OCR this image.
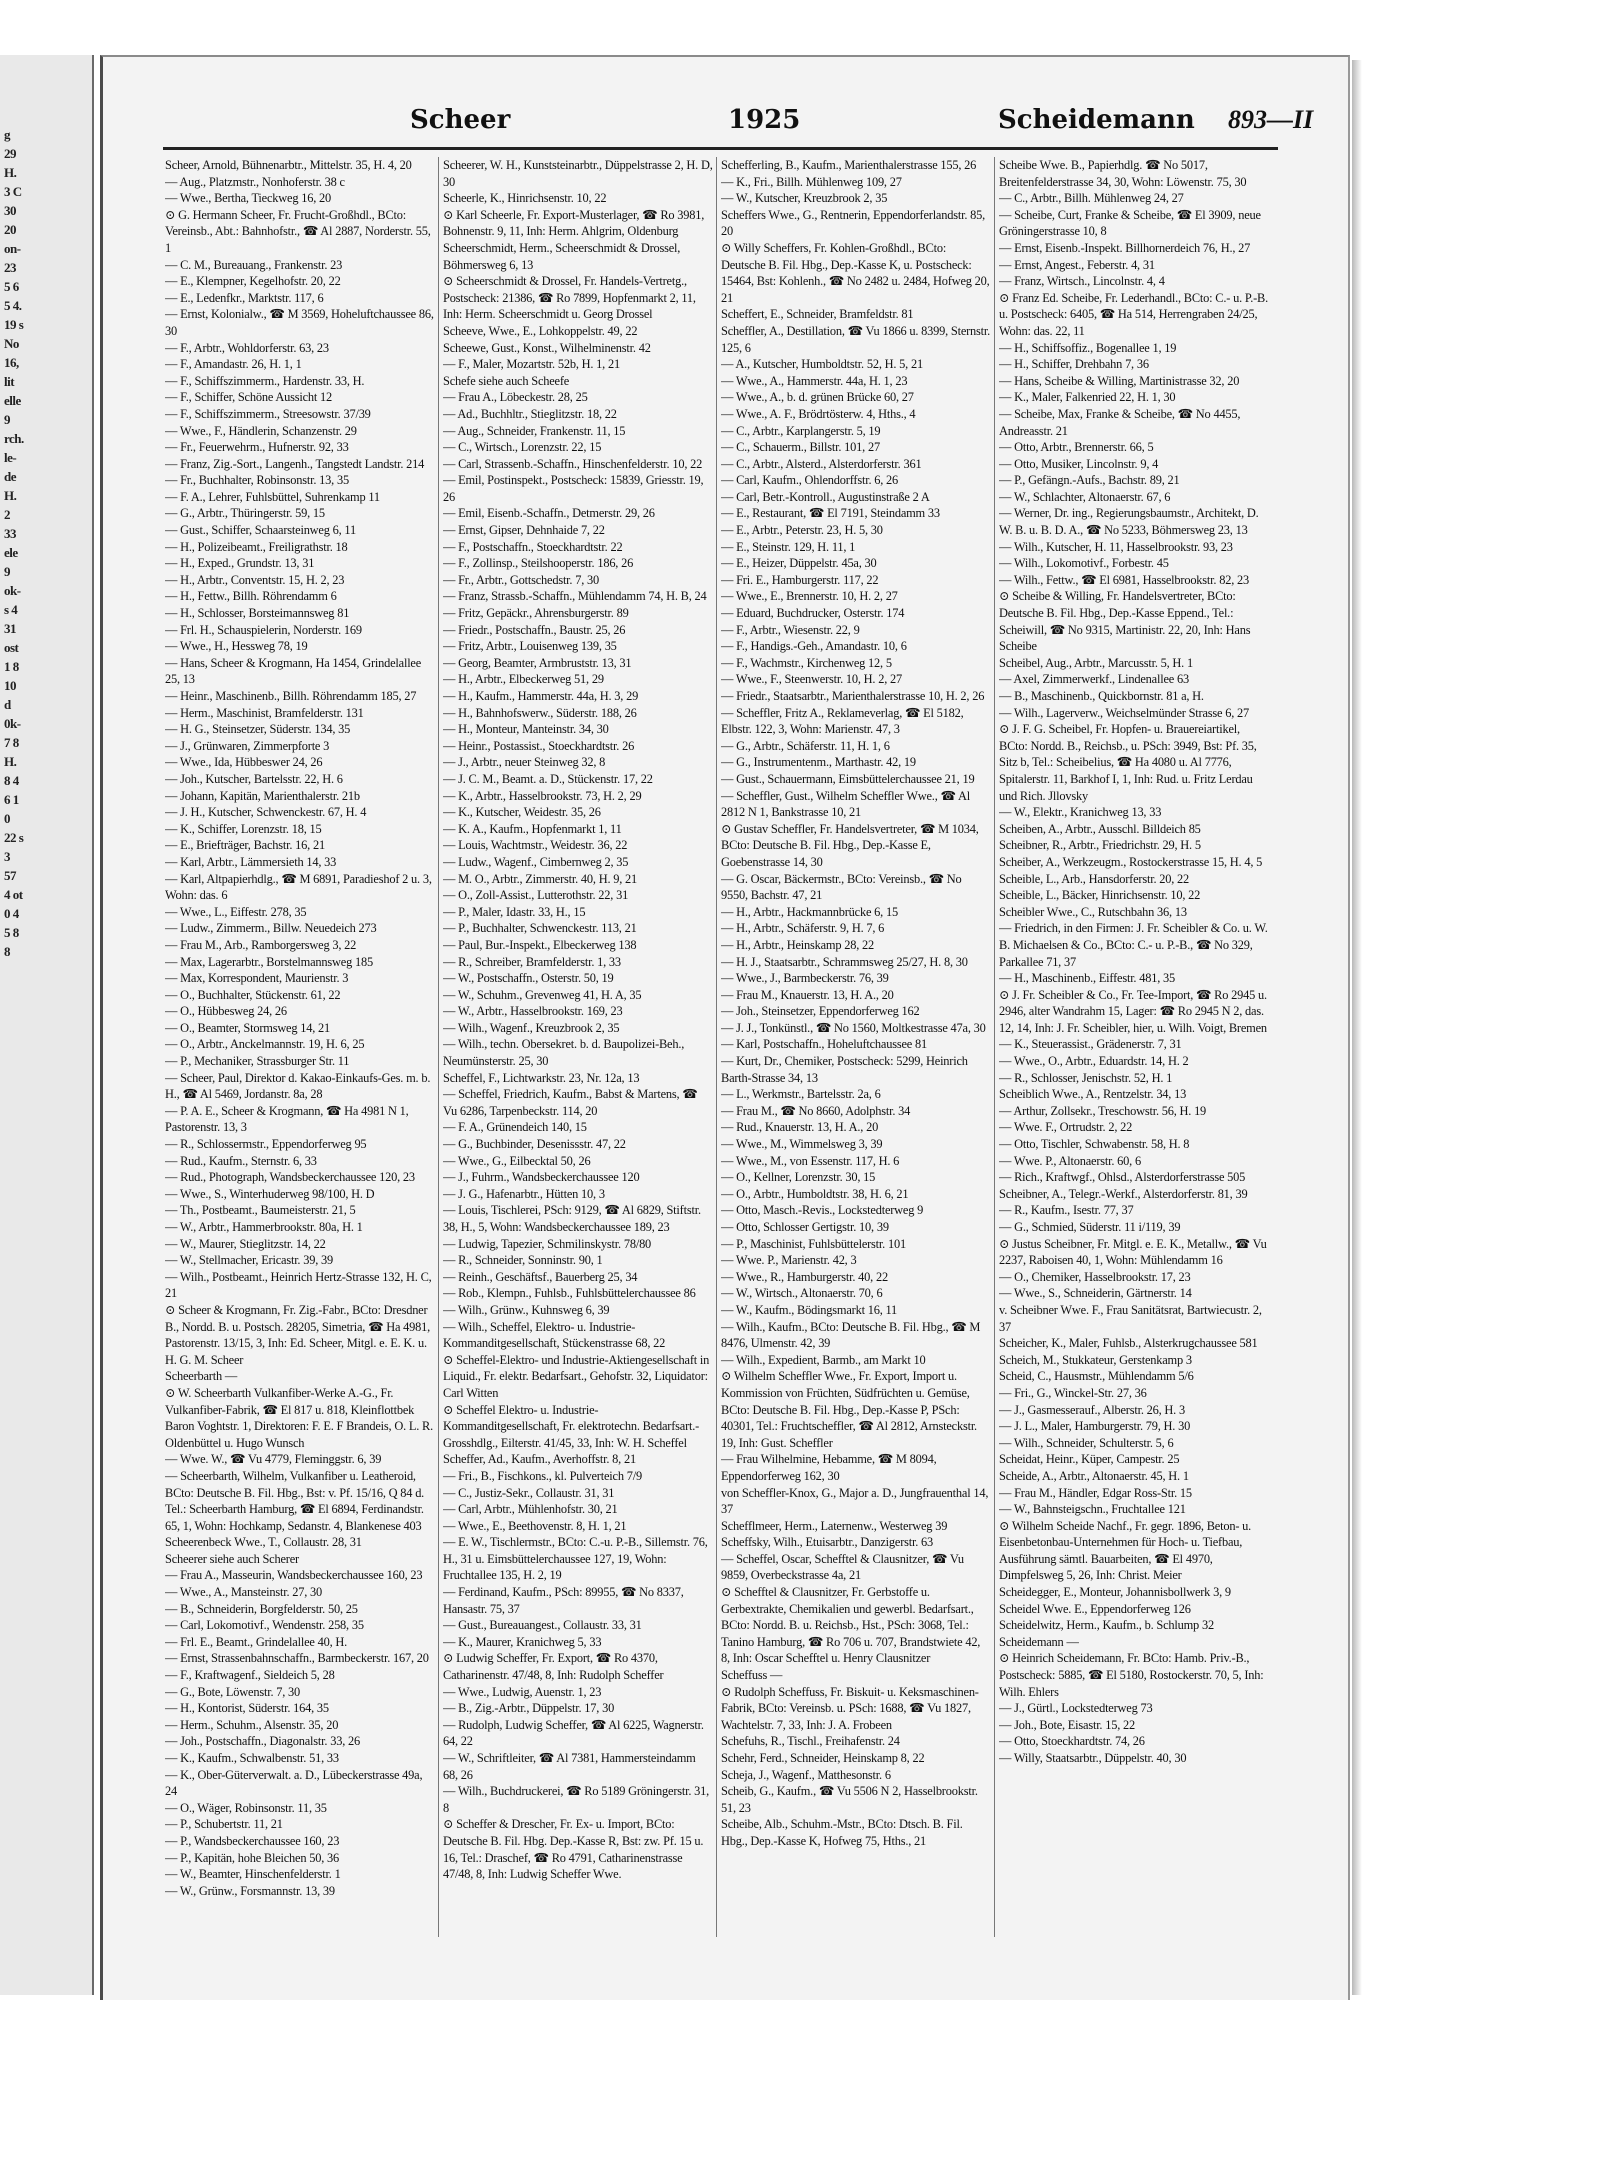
g 29 H. 3 C 30 20 on- 23 5 6 5 4. 19 s No 16, lit elle 9 rch. le- de H. 2 33 ele 9 ok- s 4 31 ost 1 8 10 d 0k- 7 8 H. 8 4 6 1 0 22 s 3 57 4 ot 0 4 5 8 8
Scheer	1925	Scheidemann 893—II

Scheer, Arnold, Bühnenarbtr., Mittelstr. 35, H. 4, 20

— Aug., Platzmstr., Nonhoferstr. 38 c

— Wwe., Bertha, Tieckweg 16, 20

⊙ G. Hermann Scheer, Fr. Frucht-Großhdl., BCto: Vereinsb., Abt.: Bahnhofstr., ☎ Al 2887, Norderstr. 55, 1

— C. M., Bureauang., Frankenstr. 23

— E., Klempner, Kegelhofstr. 20, 22

— E., Ledenfkr., Marktstr. 117, 6

— Ernst, Kolonialw., ☎ M 3569, Hoheluftchaussee 86, 30

— F., Arbtr., Wohldorferstr. 63, 23

— F., Amandastr. 26, H. 1, 1

— F., Schiffszimmerm., Hardenstr. 33, H.

— F., Schiffer, Schöne Aussicht 12

— F., Schiffszimmerm., Streesowstr. 37/39

— Wwe., F., Händlerin, Schanzenstr. 29

— Fr., Feuerwehrm., Hufnerstr. 92, 33

— Franz, Zig.-Sort., Langenh., Tangstedt Landstr. 214

— Fr., Buchhalter, Robinsonstr. 13, 35

— F. A., Lehrer, Fuhlsbüttel, Suhrenkamp 11

— G., Arbtr., Thüringerstr. 59, 15

— Gust., Schiffer, Schaarsteinweg 6, 11

— H., Polizeibeamt., Freiligrathstr. 18

— H., Exped., Grundstr. 13, 31

— H., Arbtr., Conventstr. 15, H. 2, 23

— H., Fettw., Billh. Röhrendamm 6

— H., Schlosser, Borsteimannsweg 81

— Frl. H., Schauspielerin, Norderstr. 169

— Wwe., H., Hessweg 78, 19

— Hans, Scheer & Krogmann, Ha 1454, Grindelallee 25, 13

— Heinr., Maschinenb., Billh. Röhrendamm 185, 27

— Herm., Maschinist, Bramfelderstr. 131

— H. G., Steinsetzer, Süderstr. 134, 35

— J., Grünwaren, Zimmerpforte 3

— Wwe., Ida, Hübbeswer 24, 26

— Joh., Kutscher, Bartelsstr. 22, H. 6

— Johann, Kapitän, Marienthalerstr. 21b

— J. H., Kutscher, Schwenckestr. 67, H. 4

— K., Schiffer, Lorenzstr. 18, 15

— E., Briefträger, Bachstr. 16, 21

— Karl, Arbtr., Lämmersieth 14, 33

— Karl, Altpapierhdlg., ☎ M 6891, Paradieshof 2 u. 3, Wohn: das. 6

— Wwe., L., Eiffestr. 278, 35

— Ludw., Zimmerm., Billw. Neuedeich 273

— Frau M., Arb., Ramborgersweg 3, 22

— Max, Lagerarbtr., Borstelmannsweg 185

— Max, Korrespondent, Maurienstr. 3

— O., Buchhalter, Stückenstr. 61, 22

— O., Hübbesweg 24, 26

— O., Beamter, Stormsweg 14, 21

— O., Arbtr., Anckelmannstr. 19, H. 6, 25

— P., Mechaniker, Strassburger Str. 11

— Scheer, Paul, Direktor d. Kakao-Einkaufs-Ges. m. b. H., ☎ Al 5469, Jordanstr. 8a, 28

— P. A. E., Scheer & Krogmann, ☎ Ha 4981 N 1, Pastorenstr. 13, 3

— R., Schlossermstr., Eppendorferweg 95

— Rud., Kaufm., Sternstr. 6, 33

— Rud., Photograph, Wandsbeckerchaussee 120, 23

— Wwe., S., Winterhuderweg 98/100, H. D

— Th., Postbeamt., Baumeisterstr. 21, 5

— W., Arbtr., Hammerbrookstr. 80a, H. 1

— W., Maurer, Stieglitzstr. 14, 22

— W., Stellmacher, Ericastr. 39, 39

— Wilh., Postbeamt., Heinrich Hertz-Strasse 132, H. C, 21

⊙ Scheer & Krogmann, Fr. Zig.-Fabr., BCto: Dresdner B., Nordd. B. u. Postsch. 28205, Simetria, ☎ Ha 4981, Pastorenstr. 13/15, 3, Inh: Ed. Scheer, Mitgl. e. E. K. u. H. G. M. Scheer

Scheerbarth —

⊙ W. Scheerbarth Vulkanfiber-Werke A.-G., Fr. Vulkanfiber-Fabrik, ☎ El 817 u. 818, Kleinflottbek Baron Voghtstr. 1, Direktoren: F. E. F Brandeis, O. L. R. Oldenbüttel u. Hugo Wunsch

— Wwe. W., ☎ Vu 4779, Fleminggstr. 6, 39

— Scheerbarth, Wilhelm, Vulkanfiber u. Leatheroid, BCto: Deutsche B. Fil. Hbg., Bst: v. Pf. 15/16, Q 84 d. Tel.: Scheerbarth Hamburg, ☎ El 6894, Ferdinandstr. 65, 1, Wohn: Hochkamp, Sedanstr. 4, Blankenese 403

Scheerenbeck Wwe., T., Collaustr. 28, 31

Scheerer siehe auch Scherer

— Frau A., Masseurin, Wandsbeckerchaussee 160, 23

— Wwe., A., Mansteinstr. 27, 30

— B., Schneiderin, Borgfelderstr. 50, 25

— Carl, Lokomotivf., Wendenstr. 258, 35

— Frl. E., Beamt., Grindelallee 40, H.

— Ernst, Strassenbahnschaffn., Barmbeckerstr. 167, 20

— F., Kraftwagenf., Sieldeich 5, 28

— G., Bote, Löwenstr. 7, 30

— H., Kontorist, Süderstr. 164, 35

— Herm., Schuhm., Alsenstr. 35, 20

— Joh., Postschaffn., Diagonalstr. 33, 26

— K., Kaufm., Schwalbenstr. 51, 33

— K., Ober-Güterverwalt. a. D., Lübeckerstrasse 49a, 24

— O., Wäger, Robinsonstr. 11, 35

— P., Schubertstr. 11, 21

— P., Wandsbeckerchaussee 160, 23

— P., Kapitän, hohe Bleichen 50, 36

— W., Beamter, Hinschenfelderstr. 1

— W., Grünw., Forsmannstr. 13, 39

Scheerer, W. H., Kunststeinarbtr., Düppelstrasse 2, H. D, 30

Scheerle, K., Hinrichsenstr. 10, 22

⊙ Karl Scheerle, Fr. Export-Musterlager, ☎ Ro 3981, Bohnenstr. 9, 11, Inh: Herm. Ahlgrim, Oldenburg

Scheerschmidt, Herm., Scheerschmidt & Drossel, Böhmersweg 6, 13

⊙ Scheerschmidt & Drossel, Fr. Handels-Vertretg., Postscheck: 21386, ☎ Ro 7899, Hopfenmarkt 2, 11, Inh: Herm. Scheerschmidt u. Georg Drossel

Scheeve, Wwe., E., Lohkoppelstr. 49, 22

Scheewe, Gust., Konst., Wilhelminenstr. 42

— F., Maler, Mozartstr. 52b, H. 1, 21

Schefe siehe auch Scheefe

— Frau A., Löbeckestr. 28, 25

— Ad., Buchhltr., Stieglitzstr. 18, 22

— Aug., Schneider, Frankenstr. 11, 15

— C., Wirtsch., Lorenzstr. 22, 15

— Carl, Strassenb.-Schaffn., Hinschenfelderstr. 10, 22

— Emil, Postinspekt., Postscheck: 15839, Griesstr. 19, 26

— Emil, Eisenb.-Schaffn., Detmerstr. 29, 26

— Ernst, Gipser, Dehnhaide 7, 22

— F., Postschaffn., Stoeckhardtstr. 22

— F., Zollinsp., Steilshooperstr. 186, 26

— Fr., Arbtr., Gottschedstr. 7, 30

— Franz, Strassb.-Schaffn., Mühlendamm 74, H. B, 24

— Fritz, Gepäckr., Ahrensburgerstr. 89

— Friedr., Postschaffn., Baustr. 25, 26

— Fritz, Arbtr., Louisenweg 139, 35

— Georg, Beamter, Armbruststr. 13, 31

— H., Arbtr., Elbeckerweg 51, 29

— H., Kaufm., Hammerstr. 44a, H. 3, 29

— H., Bahnhofswerw., Süderstr. 188, 26

— H., Monteur, Manteinstr. 34, 30

— Heinr., Postassist., Stoeckhardtstr. 26

— J., Arbtr., neuer Steinweg 32, 8

— J. C. M., Beamt. a. D., Stückenstr. 17, 22

— K., Arbtr., Hasselbrookstr. 73, H. 2, 29

— K., Kutscher, Weidestr. 35, 26

— K. A., Kaufm., Hopfenmarkt 1, 11

— Louis, Wachtmstr., Weidestr. 36, 22

— Ludw., Wagenf., Cimbernweg 2, 35

— M. O., Arbtr., Zimmerstr. 40, H. 9, 21

— O., Zoll-Assist., Lutterothstr. 22, 31

— P., Maler, Idastr. 33, H., 15

— P., Buchhalter, Schwenckestr. 113, 21

— Paul, Bur.-Inspekt., Elbeckerweg 138

— R., Schreiber, Bramfelderstr. 1, 33

— W., Postschaffn., Osterstr. 50, 19

— W., Schuhm., Grevenweg 41, H. A, 35

— W., Arbtr., Hasselbrookstr. 169, 23

— Wilh., Wagenf., Kreuzbrook 2, 35

— Wilh., techn. Obersekret. b. d. Baupolizei-Beh., Neumünsterstr. 25, 30

Scheffel, F., Lichtwarkstr. 23, Nr. 12a, 13

— Scheffel, Friedrich, Kaufm., Babst & Martens, ☎ Vu 6286, Tarpenbeckstr. 114, 20

— F. A., Grünendeich 140, 15

— G., Buchbinder, Desenissstr. 47, 22

— Wwe., G., Eilbecktal 50, 26

— J., Fuhrm., Wandsbeckerchaussee 120

— J. G., Hafenarbtr., Hütten 10, 3

— Louis, Tischlerei, PSch: 9129, ☎ Al 6829, Stiftstr. 38, H., 5, Wohn: Wandsbeckerchaussee 189, 23

— Ludwig, Tapezier, Schmilinskystr. 78/80

— R., Schneider, Sonninstr. 90, 1

— Reinh., Geschäftsf., Bauerberg 25, 34

— Rob., Klempn., Fuhlsb., Fuhlsbüttelerchaussee 86

— Wilh., Grünw., Kuhnsweg 6, 39

— Wilh., Scheffel, Elektro- u. Industrie-Kommanditgesellschaft, Stückenstrasse 68, 22

⊙ Scheffel-Elektro- und Industrie-Aktiengesellschaft in Liquid., Fr. elektr. Bedarfsart., Gehofstr. 32, Liquidator: Carl Witten

⊙ Scheffel Elektro- u. Industrie-Kommanditgesellschaft, Fr. elektrotechn. Bedarfsart.-Grosshdlg., Eilterstr. 41/45, 33, Inh: W. H. Scheffel

Scheffer, Ad., Kaufm., Averhoffstr. 8, 21

— Fri., B., Fischkons., kl. Pulverteich 7/9

— C., Justiz-Sekr., Collaustr. 31, 31

— Carl, Arbtr., Mühlenhofstr. 30, 21

— Wwe., E., Beethovenstr. 8, H. 1, 21

— E. W., Tischlermstr., BCto: C.-u. P.-B., Sillemstr. 76, H., 31 u. Eimsbüttelerchaussee 127, 19, Wohn: Fruchtallee 135, H. 2, 19

— Ferdinand, Kaufm., PSch: 89955, ☎ No 8337, Hansastr. 75, 37

— Gust., Bureauangest., Collaustr. 33, 31

— K., Maurer, Kranichweg 5, 33

⊙ Ludwig Scheffer, Fr. Export, ☎ Ro 4370, Catharinenstr. 47/48, 8, Inh: Rudolph Scheffer

— Wwe., Ludwig, Auenstr. 1, 23

— B., Zig.-Arbtr., Düppelstr. 17, 30

— Rudolph, Ludwig Scheffer, ☎ Al 6225, Wagnerstr. 64, 22

— W., Schriftleiter, ☎ Al 7381, Hammersteindamm 68, 26

— Wilh., Buchdruckerei, ☎ Ro 5189 Gröningerstr. 31, 8

⊙ Scheffer & Drescher, Fr. Ex- u. Import, BCto: Deutsche B. Fil. Hbg. Dep.-Kasse R, Bst: zw. Pf. 15 u. 16, Tel.: Draschef, ☎ Ro 4791, Catharinenstrasse 47/48, 8, Inh: Ludwig Scheffer Wwe.

Schefferling, B., Kaufm., Marienthalerstrasse 155, 26

— K., Fri., Billh. Mühlenweg 109, 27

— W., Kutscher, Kreuzbrook 2, 35

Scheffers Wwe., G., Rentnerin, Eppendorferlandstr. 85, 20

⊙ Willy Scheffers, Fr. Kohlen-Großhdl., BCto: Deutsche B. Fil. Hbg., Dep.-Kasse K, u. Postscheck: 15464, Bst: Kohlenh., ☎ No 2482 u. 2484, Hofweg 20, 21

Scheffert, E., Schneider, Bramfeldstr. 81

Scheffler, A., Destillation, ☎ Vu 1866 u. 8399, Sternstr. 125, 6

— A., Kutscher, Humboldtstr. 52, H. 5, 21

— Wwe., A., Hammerstr. 44a, H. 1, 23

— Wwe., A., b. d. grünen Brücke 60, 27

— Wwe., A. F., Brödrtösterw. 4, Hths., 4

— C., Arbtr., Karplangerstr. 5, 19

— C., Schauerm., Billstr. 101, 27

— C., Arbtr., Alsterd., Alsterdorferstr. 361

— Carl, Kaufm., Ohlendorffstr. 6, 26

— Carl, Betr.-Kontroll., Augustinstraße 2 A

— E., Restaurant, ☎ El 7191, Steindamm 33

— E., Arbtr., Peterstr. 23, H. 5, 30

— E., Steinstr. 129, H. 11, 1

— E., Heizer, Düppelstr. 45a, 30

— Fri. E., Hamburgerstr. 117, 22

— Wwe., E., Brennerstr. 10, H. 2, 27

— Eduard, Buchdrucker, Osterstr. 174

— F., Arbtr., Wiesenstr. 22, 9

— F., Handigs.-Geh., Amandastr. 10, 6

— F., Wachmstr., Kirchenweg 12, 5

— Wwe., F., Steenwerstr. 10, H. 2, 27

— Friedr., Staatsarbtr., Marienthalerstrasse 10, H. 2, 26

— Scheffler, Fritz A., Reklameverlag, ☎ El 5182, Elbstr. 122, 3, Wohn: Marienstr. 47, 3

— G., Arbtr., Schäferstr. 11, H. 1, 6

— G., Instrumentenm., Marthastr. 42, 19

— Gust., Schauermann, Eimsbüttelerchaussee 21, 19

— Scheffler, Gust., Wilhelm Scheffler Wwe., ☎ Al 2812 N 1, Bankstrasse 10, 21

⊙ Gustav Scheffler, Fr. Handelsvertreter, ☎ M 1034, BCto: Deutsche B. Fil. Hbg., Dep.-Kasse E, Goebenstrasse 14, 30

— G. Oscar, Bäckermstr., BCto: Vereinsb., ☎ No 9550, Bachstr. 47, 21

— H., Arbtr., Hackmannbrücke 6, 15

— H., Arbtr., Schäferstr. 9, H. 7, 6

— H., Arbtr., Heinskamp 28, 22

— H. J., Staatsarbtr., Schrammsweg 25/27, H. 8, 30

— Wwe., J., Barmbeckerstr. 76, 39

— Frau M., Knauerstr. 13, H. A., 20

— Joh., Steinsetzer, Eppendorferweg 162

— J. J., Tonkünstl., ☎ No 1560, Moltkestrasse 47a, 30

— Karl, Postschaffn., Hoheluftchaussee 81

— Kurt, Dr., Chemiker, Postscheck: 5299, Heinrich Barth-Strasse 34, 13

— L., Werkmstr., Bartelsstr. 2a, 6

— Frau M., ☎ No 8660, Adolphstr. 34

— Rud., Knauerstr. 13, H. A., 20

— Wwe., M., Wimmelsweg 3, 39

— Wwe., M., von Essenstr. 117, H. 6

— O., Kellner, Lorenzstr. 30, 15

— O., Arbtr., Humboldtstr. 38, H. 6, 21

— Otto, Masch.-Revis., Lockstedterweg 9

— Otto, Schlosser Gertigstr. 10, 39

— P., Maschinist, Fuhlsbüttelerstr. 101

— Wwe. P., Marienstr. 42, 3

— Wwe., R., Hamburgerstr. 40, 22

— W., Wirtsch., Altonaerstr. 70, 6

— W., Kaufm., Bödingsmarkt 16, 11

— Wilh., Kaufm., BCto: Deutsche B. Fil. Hbg., ☎ M 8476, Ulmenstr. 42, 39

— Wilh., Expedient, Barmb., am Markt 10

⊙ Wilhelm Scheffler Wwe., Fr. Export, Import u. Kommission von Früchten, Südfrüchten u. Gemüse, BCto: Deutsche B. Fil. Hbg., Dep.-Kasse P, PSch: 40301, Tel.: Fruchtscheffler, ☎ Al 2812, Arnsteckstr. 19, Inh: Gust. Scheffler

— Frau Wilhelmine, Hebamme, ☎ M 8094, Eppendorferweg 162, 30

von Scheffler-Knox, G., Major a. D., Jungfrauenthal 14, 37

Schefflmeer, Herm., Laternenw., Westerweg 39

Scheffsky, Wilh., Etuisarbtr., Danzigerstr. 63

— Scheffel, Oscar, Schefftel & Clausnitzer, ☎ Vu 9859, Overbeckstrasse 4a, 21

⊙ Schefftel & Clausnitzer, Fr. Gerbstoffe u. Gerbextrakte, Chemikalien und gewerbl. Bedarfsart., BCto: Nordd. B. u. Reichsb., Hst., PSch: 3068, Tel.: Tanino Hamburg, ☎ Ro 706 u. 707, Brandstwiete 42, 8, Inh: Oscar Schefftel u. Henry Clausnitzer

Scheffuss —

⊙ Rudolph Scheffuss, Fr. Biskuit- u. Keksmaschinen-Fabrik, BCto: Vereinsb. u. PSch: 1688, ☎ Vu 1827, Wachtelstr. 7, 33, Inh: J. A. Frobeen

Schefuhs, R., Tischl., Freihafenstr. 24

Schehr, Ferd., Schneider, Heinskamp 8, 22

Scheja, J., Wagenf., Matthesonstr. 6

Scheib, G., Kaufm., ☎ Vu 5506 N 2, Hasselbrookstr. 51, 23

Scheibe, Alb., Schuhm.-Mstr., BCto: Dtsch. B. Fil. Hbg., Dep.-Kasse K, Hofweg 75, Hths., 21

Scheibe Wwe. B., Papierhdlg. ☎ No 5017, Breitenfelderstrasse 34, 30, Wohn: Löwenstr. 75, 30

— C., Arbtr., Billh. Mühlenweg 24, 27

— Scheibe, Curt, Franke & Scheibe, ☎ El 3909, neue Gröningerstrasse 10, 8

— Ernst, Eisenb.-Inspekt. Billhornerdeich 76, H., 27

— Ernst, Angest., Feberstr. 4, 31

— Franz, Wirtsch., Lincolnstr. 4, 4

⊙ Franz Ed. Scheibe, Fr. Lederhandl., BCto: C.- u. P.-B. u. Postscheck: 6405, ☎ Ha 514, Herrengraben 24/25, Wohn: das. 22, 11

— H., Schiffsoffiz., Bogenallee 1, 19

— H., Schiffer, Drehbahn 7, 36

— Hans, Scheibe & Willing, Martinistrasse 32, 20

— K., Maler, Falkenried 22, H. 1, 30

— Scheibe, Max, Franke & Scheibe, ☎ No 4455, Andreasstr. 21

— Otto, Arbtr., Brennerstr. 66, 5

— Otto, Musiker, Lincolnstr. 9, 4

— P., Gefängn.-Aufs., Bachstr. 89, 21

— W., Schlachter, Altonaerstr. 67, 6

— Werner, Dr. ing., Regierungsbaumstr., Architekt, D. W. B. u. B. D. A., ☎ No 5233, Böhmersweg 23, 13

— Wilh., Kutscher, H. 11, Hasselbrookstr. 93, 23

— Wilh., Lokomotivf., Forbestr. 45

— Wilh., Fettw., ☎ El 6981, Hasselbrookstr. 82, 23

⊙ Scheibe & Willing, Fr. Handelsvertreter, BCto: Deutsche B. Fil. Hbg., Dep.-Kasse Eppend., Tel.: Scheiwill, ☎ No 9315, Martinistr. 22, 20, Inh: Hans Scheibe

Scheibel, Aug., Arbtr., Marcusstr. 5, H. 1

— Axel, Zimmerwerkf., Lindenallee 63

— B., Maschinenb., Quickbornstr. 81 a, H.

— Wilh., Lagerverw., Weichselmünder Strasse 6, 27

⊙ J. F. G. Scheibel, Fr. Hopfen- u. Brauereiartikel, BCto: Nordd. B., Reichsb., u. PSch: 3949, Bst: Pf. 35, Sitz b, Tel.: Scheibelius, ☎ Ha 4080 u. Al 7776, Spitalerstr. 11, Barkhof I, 1, Inh: Rud. u. Fritz Lerdau und Rich. Jllovsky

— W., Elektr., Kranichweg 13, 33

Scheiben, A., Arbtr., Ausschl. Billdeich 85

Scheibner, R., Arbtr., Friedrichstr. 29, H. 5

Scheiber, A., Werkzeugm., Rostockerstrasse 15, H. 4, 5

Scheible, L., Arb., Hansdorferstr. 20, 22

Scheible, L., Bäcker, Hinrichsenstr. 10, 22

Scheibler Wwe., C., Rutschbahn 36, 13

— Friedrich, in den Firmen: J. Fr. Scheibler & Co. u. W. B. Michaelsen & Co., BCto: C.- u. P.-B., ☎ No 329, Parkallee 71, 37

— H., Maschinenb., Eiffestr. 481, 35

⊙ J. Fr. Scheibler & Co., Fr. Tee-Import, ☎ Ro 2945 u. 2946, alter Wandrahm 15, Lager: ☎ Ro 2945 N 2, das. 12, 14, Inh: J. Fr. Scheibler, hier, u. Wilh. Voigt, Bremen

— K., Steuerassist., Grädenerstr. 7, 31

— Wwe., O., Arbtr., Eduardstr. 14, H. 2

— R., Schlosser, Jenischstr. 52, H. 1

Scheiblich Wwe., A., Rentzelstr. 34, 13

— Arthur, Zollsekr., Treschowstr. 56, H. 19

— Wwe. F., Ortrudstr. 2, 22

— Otto, Tischler, Schwabenstr. 58, H. 8

— Wwe. P., Altonaerstr. 60, 6

— Rich., Kraftwgf., Ohlsd., Alsterdorferstrasse 505

Scheibner, A., Telegr.-Werkf., Alsterdorferstr. 81, 39

— R., Kaufm., Isestr. 77, 37

— G., Schmied, Süderstr. 11 i/119, 39

⊙ Justus Scheibner, Fr. Mitgl. e. E. K., Metallw., ☎ Vu 2237, Raboisen 40, 1, Wohn: Mühlendamm 16

— O., Chemiker, Hasselbrookstr. 17, 23

— Wwe., S., Schneiderin, Gärtnerstr. 14

v. Scheibner Wwe. F., Frau Sanitätsrat, Bartwiecustr. 2, 37

Scheicher, K., Maler, Fuhlsb., Alsterkrugchaussee 581

Scheich, M., Stukkateur, Gerstenkamp 3

Scheid, C., Hausmstr., Mühlendamm 5/6

— Fri., G., Winckel-Str. 27, 36

— J., Gasmesserauf., Alberstr. 26, H. 3

— J. L., Maler, Hamburgerstr. 79, H. 30

— Wilh., Schneider, Schulterstr. 5, 6

Scheidat, Heinr., Küper, Campestr. 25

Scheide, A., Arbtr., Altonaerstr. 45, H. 1

— Frau M., Händler, Edgar Ross-Str. 15

— W., Bahnsteigschn., Fruchtallee 121

⊙ Wilhelm Scheide Nachf., Fr. gegr. 1896, Beton- u. Eisenbetonbau-Unternehmen für Hoch- u. Tiefbau, Ausführung sämtl. Bauarbeiten, ☎ El 4970, Dimpfelsweg 5, 26, Inh: Christ. Meier

Scheidegger, E., Monteur, Johannisbollwerk 3, 9

Scheidel Wwe. E., Eppendorferweg 126

Scheidelwitz, Herm., Kaufm., b. Schlump 32

Scheidemann —

⊙ Heinrich Scheidemann, Fr. BCto: Hamb. Priv.-B., Postscheck: 5885, ☎ El 5180, Rostockerstr. 70, 5, Inh: Wilh. Ehlers

— J., Gürtl., Lockstedterweg 73

— Joh., Bote, Eisastr. 15, 22

— Otto, Stoeckhardtstr. 74, 26

— Willy, Staatsarbtr., Düppelstr. 40, 30
